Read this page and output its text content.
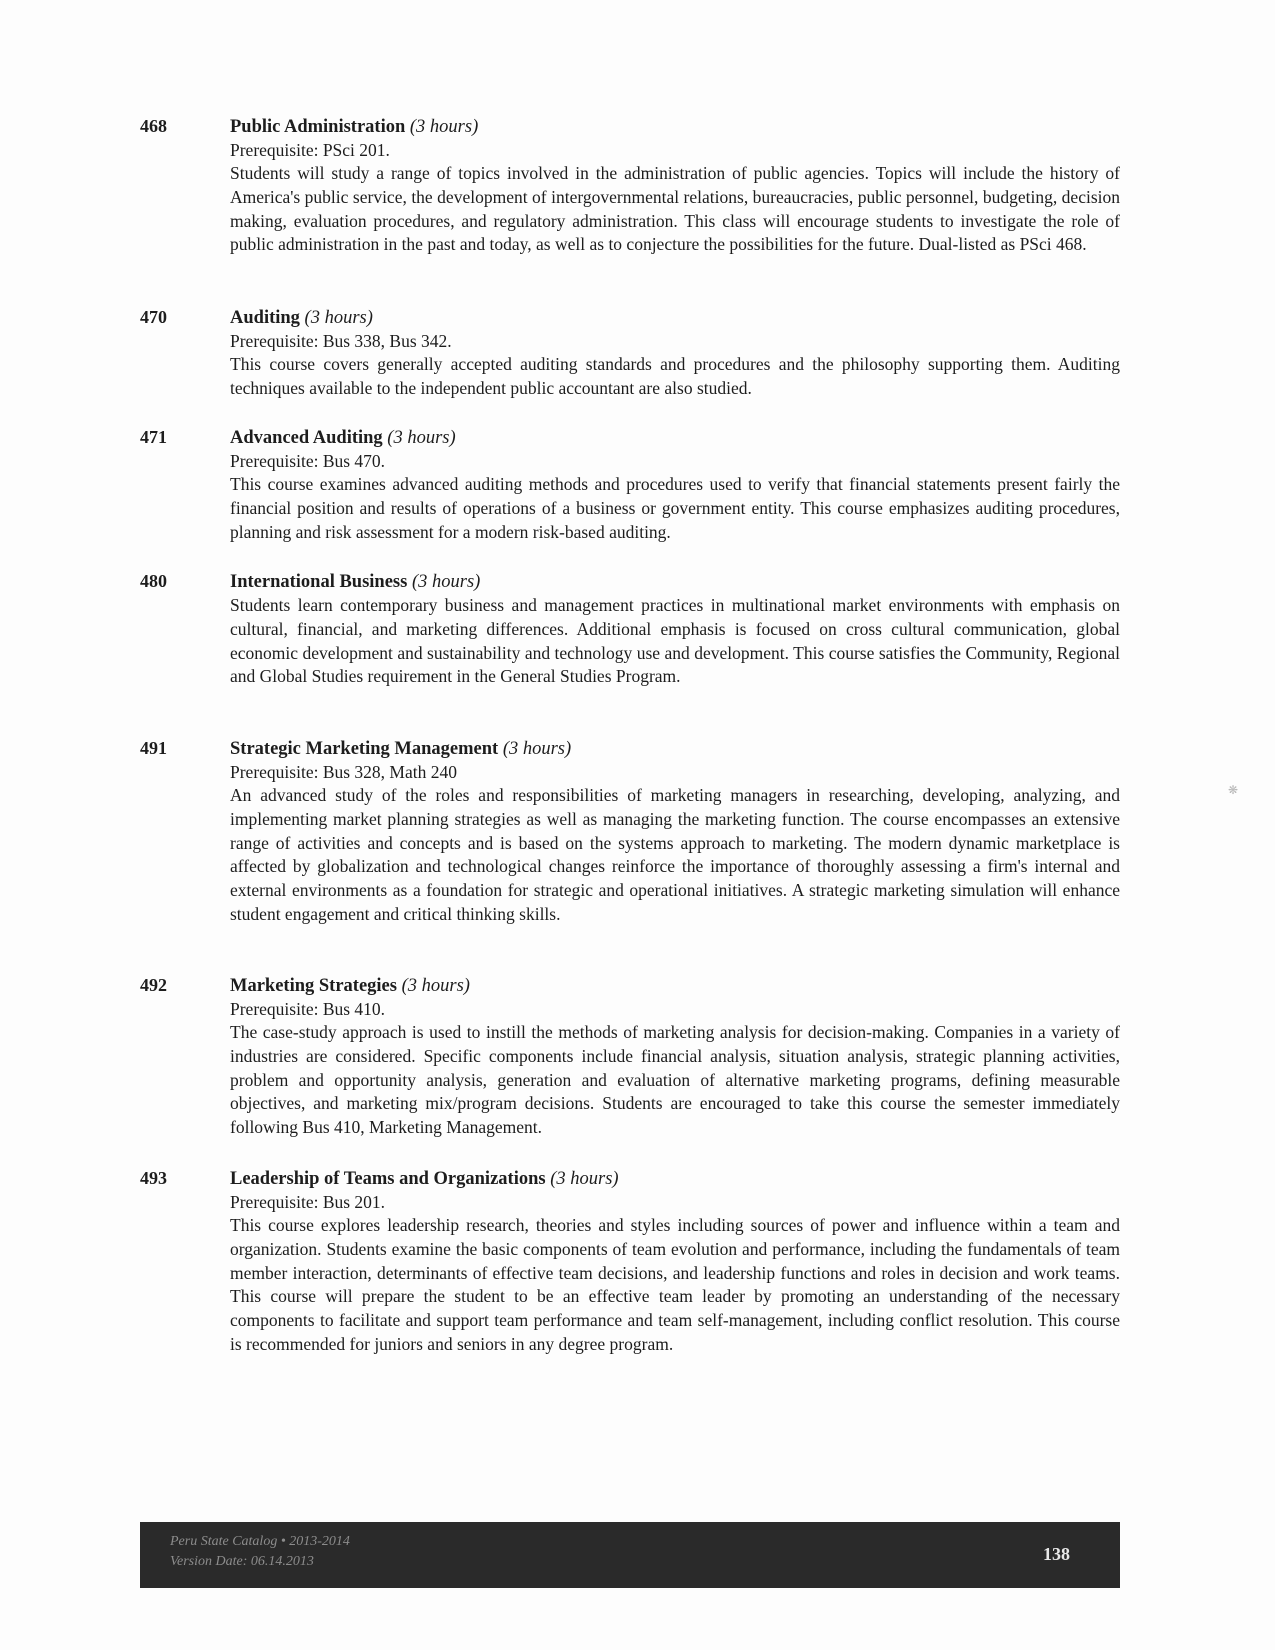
468	Public Administration (3 hours)
Prerequisite: PSci 201.
Students will study a range of topics involved in the administration of public agencies. Topics will include the history of America's public service, the development of intergovernmental relations, bureaucracies, public personnel, budgeting, decision making, evaluation procedures, and regulatory administration. This class will encourage students to investigate the role of public administration in the past and today, as well as to conjecture the possibilities for the future. Dual-listed as PSci 468.
470	Auditing (3 hours)
Prerequisite: Bus 338, Bus 342.
This course covers generally accepted auditing standards and procedures and the philosophy supporting them. Auditing techniques available to the independent public accountant are also studied.
471	Advanced Auditing (3 hours)
Prerequisite: Bus 470.
This course examines advanced auditing methods and procedures used to verify that financial statements present fairly the financial position and results of operations of a business or government entity. This course emphasizes auditing procedures, planning and risk assessment for a modern risk-based auditing.
480	International Business (3 hours)
Students learn contemporary business and management practices in multinational market environments with emphasis on cultural, financial, and marketing differences. Additional emphasis is focused on cross cultural communication, global economic development and sustainability and technology use and development. This course satisfies the Community, Regional and Global Studies requirement in the General Studies Program.
491	Strategic Marketing Management (3 hours)
Prerequisite: Bus 328, Math 240
An advanced study of the roles and responsibilities of marketing managers in researching, developing, analyzing, and implementing market planning strategies as well as managing the marketing function. The course encompasses an extensive range of activities and concepts and is based on the systems approach to marketing. The modern dynamic marketplace is affected by globalization and technological changes reinforce the importance of thoroughly assessing a firm's internal and external environments as a foundation for strategic and operational initiatives. A strategic marketing simulation will enhance student engagement and critical thinking skills.
492	Marketing Strategies (3 hours)
Prerequisite: Bus 410.
The case-study approach is used to instill the methods of marketing analysis for decision-making. Companies in a variety of industries are considered. Specific components include financial analysis, situation analysis, strategic planning activities, problem and opportunity analysis, generation and evaluation of alternative marketing programs, defining measurable objectives, and marketing mix/program decisions. Students are encouraged to take this course the semester immediately following Bus 410, Marketing Management.
493	Leadership of Teams and Organizations (3 hours)
Prerequisite: Bus 201.
This course explores leadership research, theories and styles including sources of power and influence within a team and organization. Students examine the basic components of team evolution and performance, including the fundamentals of team member interaction, determinants of effective team decisions, and leadership functions and roles in decision and work teams. This course will prepare the student to be an effective team leader by promoting an understanding of the necessary components to facilitate and support team performance and team self-management, including conflict resolution. This course is recommended for juniors and seniors in any degree program.
❋
Peru State Catalog • 2013-2014
Version Date: 06.14.2013	138
